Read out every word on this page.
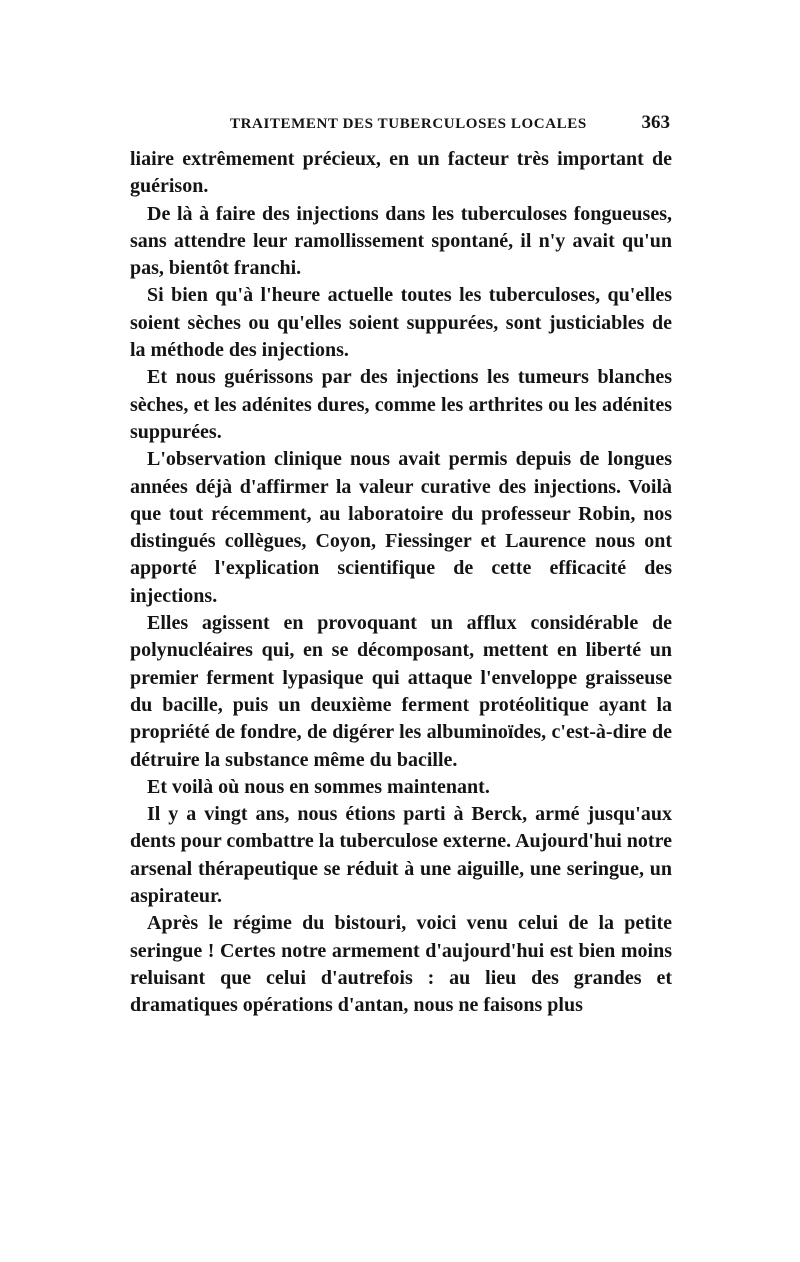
TRAITEMENT DES TUBERCULOSES LOCALES	363

liaire extrêmement précieux, en un facteur très important de guérison.

De là à faire des injections dans les tuberculoses fongueuses, sans attendre leur ramollissement spontané, il n'y avait qu'un pas, bientôt franchi.

Si bien qu'à l'heure actuelle toutes les tuberculoses, qu'elles soient sèches ou qu'elles soient suppurées, sont justiciables de la méthode des injections.

Et nous guérissons par des injections les tumeurs blanches sèches, et les adénites dures, comme les arthrites ou les adénites suppurées.

L'observation clinique nous avait permis depuis de longues années déjà d'affirmer la valeur curative des injections. Voilà que tout récemment, au laboratoire du professeur Robin, nos distingués collègues, Coyon, Fiessinger et Laurence nous ont apporté l'explication scientifique de cette efficacité des injections.

Elles agissent en provoquant un afflux considérable de polynucléaires qui, en se décomposant, mettent en liberté un premier ferment lypasique qui attaque l'enveloppe graisseuse du bacille, puis un deuxième ferment protéolitique ayant la propriété de fondre, de digérer les albuminoïdes, c'est-à-dire de détruire la substance même du bacille.

Et voilà où nous en sommes maintenant.

Il y a vingt ans, nous étions parti à Berck, armé jusqu'aux dents pour combattre la tuberculose externe. Aujourd'hui notre arsenal thérapeutique se réduit à une aiguille, une seringue, un aspirateur.

Après le régime du bistouri, voici venu celui de la petite seringue ! Certes notre armement d'aujourd'hui est bien moins reluisant que celui d'autrefois : au lieu des grandes et dramatiques opérations d'antan, nous ne faisons plus
